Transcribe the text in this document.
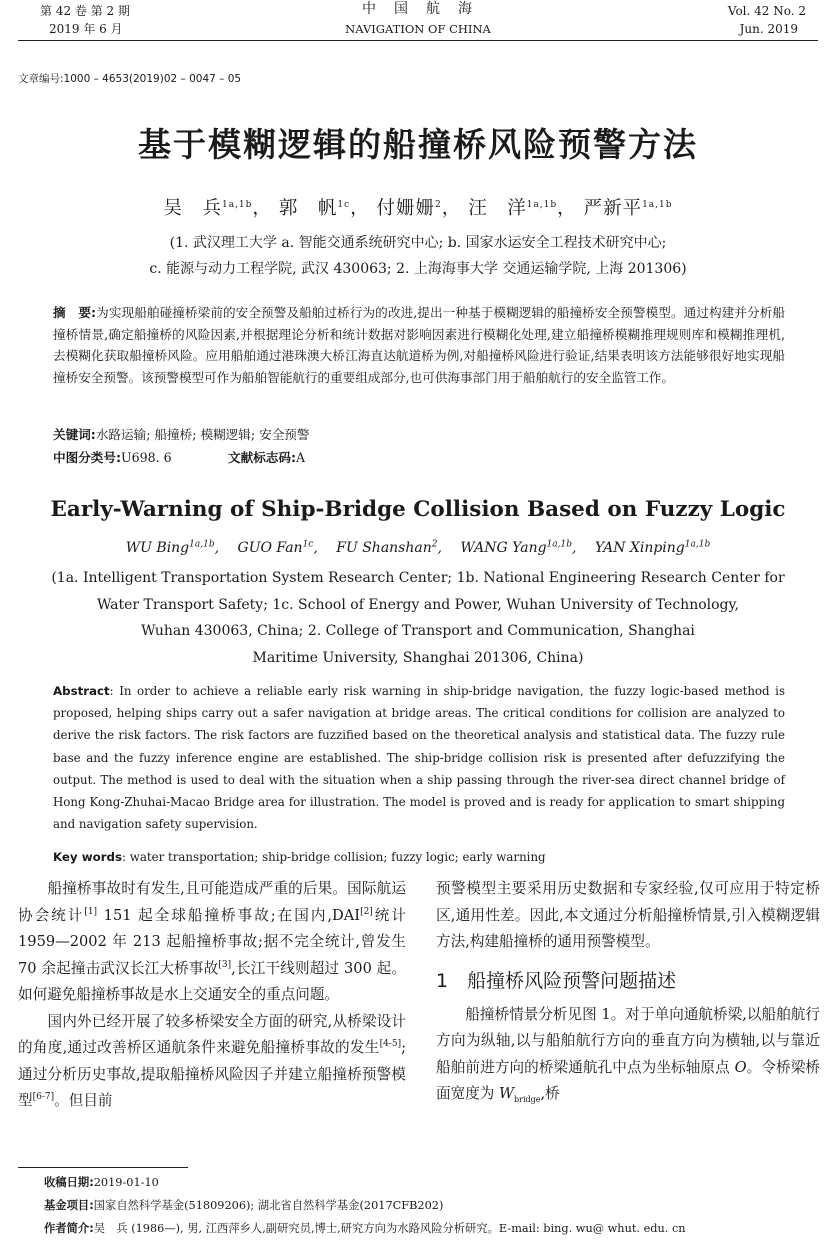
第 42 卷 第 2 期
2019 年 6 月
中　国　航　海
NAVIGATION OF CHINA
Vol. 42 No. 2
Jun. 2019
文章编号:1000 – 4653(2019)02 – 0047 – 05
基于模糊逻辑的船撞桥风险预警方法
吴　兵$^{1a,1b}$， 郭　帆$^{1c}$， 付姗姗$^2$， 汪　洋$^{1a,1b}$， 严新平$^{1a,1b}$
(1. 武汉理工大学 a. 智能交通系统研究中心; b. 国家水运安全工程技术研究中心;
c. 能源与动力工程学院, 武汉 430063; 2. 上海海事大学 交通运输学院, 上海 201306)
摘　要:为实现船舶碰撞桥梁前的安全预警及船舶过桥行为的改进,提出一种基于模糊逻辑的船撞桥安全预警模型。通过构建并分析船撞桥情景,确定船撞桥的风险因素,并根据理论分析和统计数据对影响因素进行模糊化处理,建立船撞桥模糊推理规则库和模糊推理机,去模糊化获取船撞桥风险。应用船舶通过港珠澳大桥江海直达航道桥为例,对船撞桥风险进行验证,结果表明该方法能够很好地实现船撞桥安全预警。该预警模型可作为船舶智能航行的重要组成部分,也可供海事部门用于船舶航行的安全监管工作。
关键词:水路运输; 船撞桥; 模糊逻辑; 安全预警
中图分类号:U698. 6	文献标志码:A
Early-Warning of Ship-Bridge Collision Based on Fuzzy Logic
WU Bing$^{1a,1b}$,  GUO Fan$^{1c}$,  FU Shanshan$^2$,  WANG Yang$^{1a,1b}$,  YAN Xinping$^{1a,1b}$
(1a. Intelligent Transportation System Research Center; 1b. National Engineering Research Center for
Water Transport Safety; 1c. School of Energy and Power, Wuhan University of Technology,
Wuhan 430063, China; 2. College of Transport and Communication, Shanghai
Maritime University, Shanghai 201306, China)
Abstract: In order to achieve a reliable early risk warning in ship-bridge navigation, the fuzzy logic-based method is proposed, helping ships carry out a safer navigation at bridge areas. The critical conditions for collision are analyzed to derive the risk factors. The risk factors are fuzzified based on the theoretical analysis and statistical data. The fuzzy rule base and the fuzzy inference engine are established. The ship-bridge collision risk is presented after defuzzifying the output. The method is used to deal with the situation when a ship passing through the river-sea direct channel bridge of Hong Kong-Zhuhai-Macao Bridge area for illustration. The model is proved and is ready for application to smart shipping and navigation safety supervision.
Key words: water transportation; ship-bridge collision; fuzzy logic; early warning
　　船撞桥事故时有发生,且可能造成严重的后果。国际航运协会统计[1] 151 起全球船撞桥事故;在国内,DAI[2]统计 1959—2002 年 213 起船撞桥事故;据不完全统计,曾发生 70 余起撞击武汉长江大桥事故[3],长江干线则超过 300 起。如何避免船撞桥事故是水上交通安全的重点问题。
　　国内外已经开展了较多桥梁安全方面的研究,从桥梁设计的角度,通过改善桥区通航条件来避免船撞桥事故的发生[4-5];通过分析历史事故,提取船撞桥风险因子并建立船撞桥预警模型[6-7]。但目前
预警模型主要采用历史数据和专家经验,仅可应用于特定桥区,通用性差。因此,本文通过分析船撞桥情景,引入模糊逻辑方法,构建船撞桥的通用预警模型。
1  船撞桥风险预警问题描述
　　船撞桥情景分析见图 1。对于单向通航桥梁,以船舶航行方向为纵轴,以与船舶航行方向的垂直方向为横轴,以与靠近船舶前进方向的桥梁通航孔中点为坐标轴原点 O。令桥梁桥面宽度为 $W_{bridge}$,桥
收稿日期:2019-01-10
基金项目:国家自然科学基金(51809206); 湖北省自然科学基金(2017CFB202)
作者简介:吴　兵 (1986—), 男, 江西萍乡人,副研究员,博士,研究方向为水路风险分析研究。E-mail: bing. wu@ whut. edu. cn
